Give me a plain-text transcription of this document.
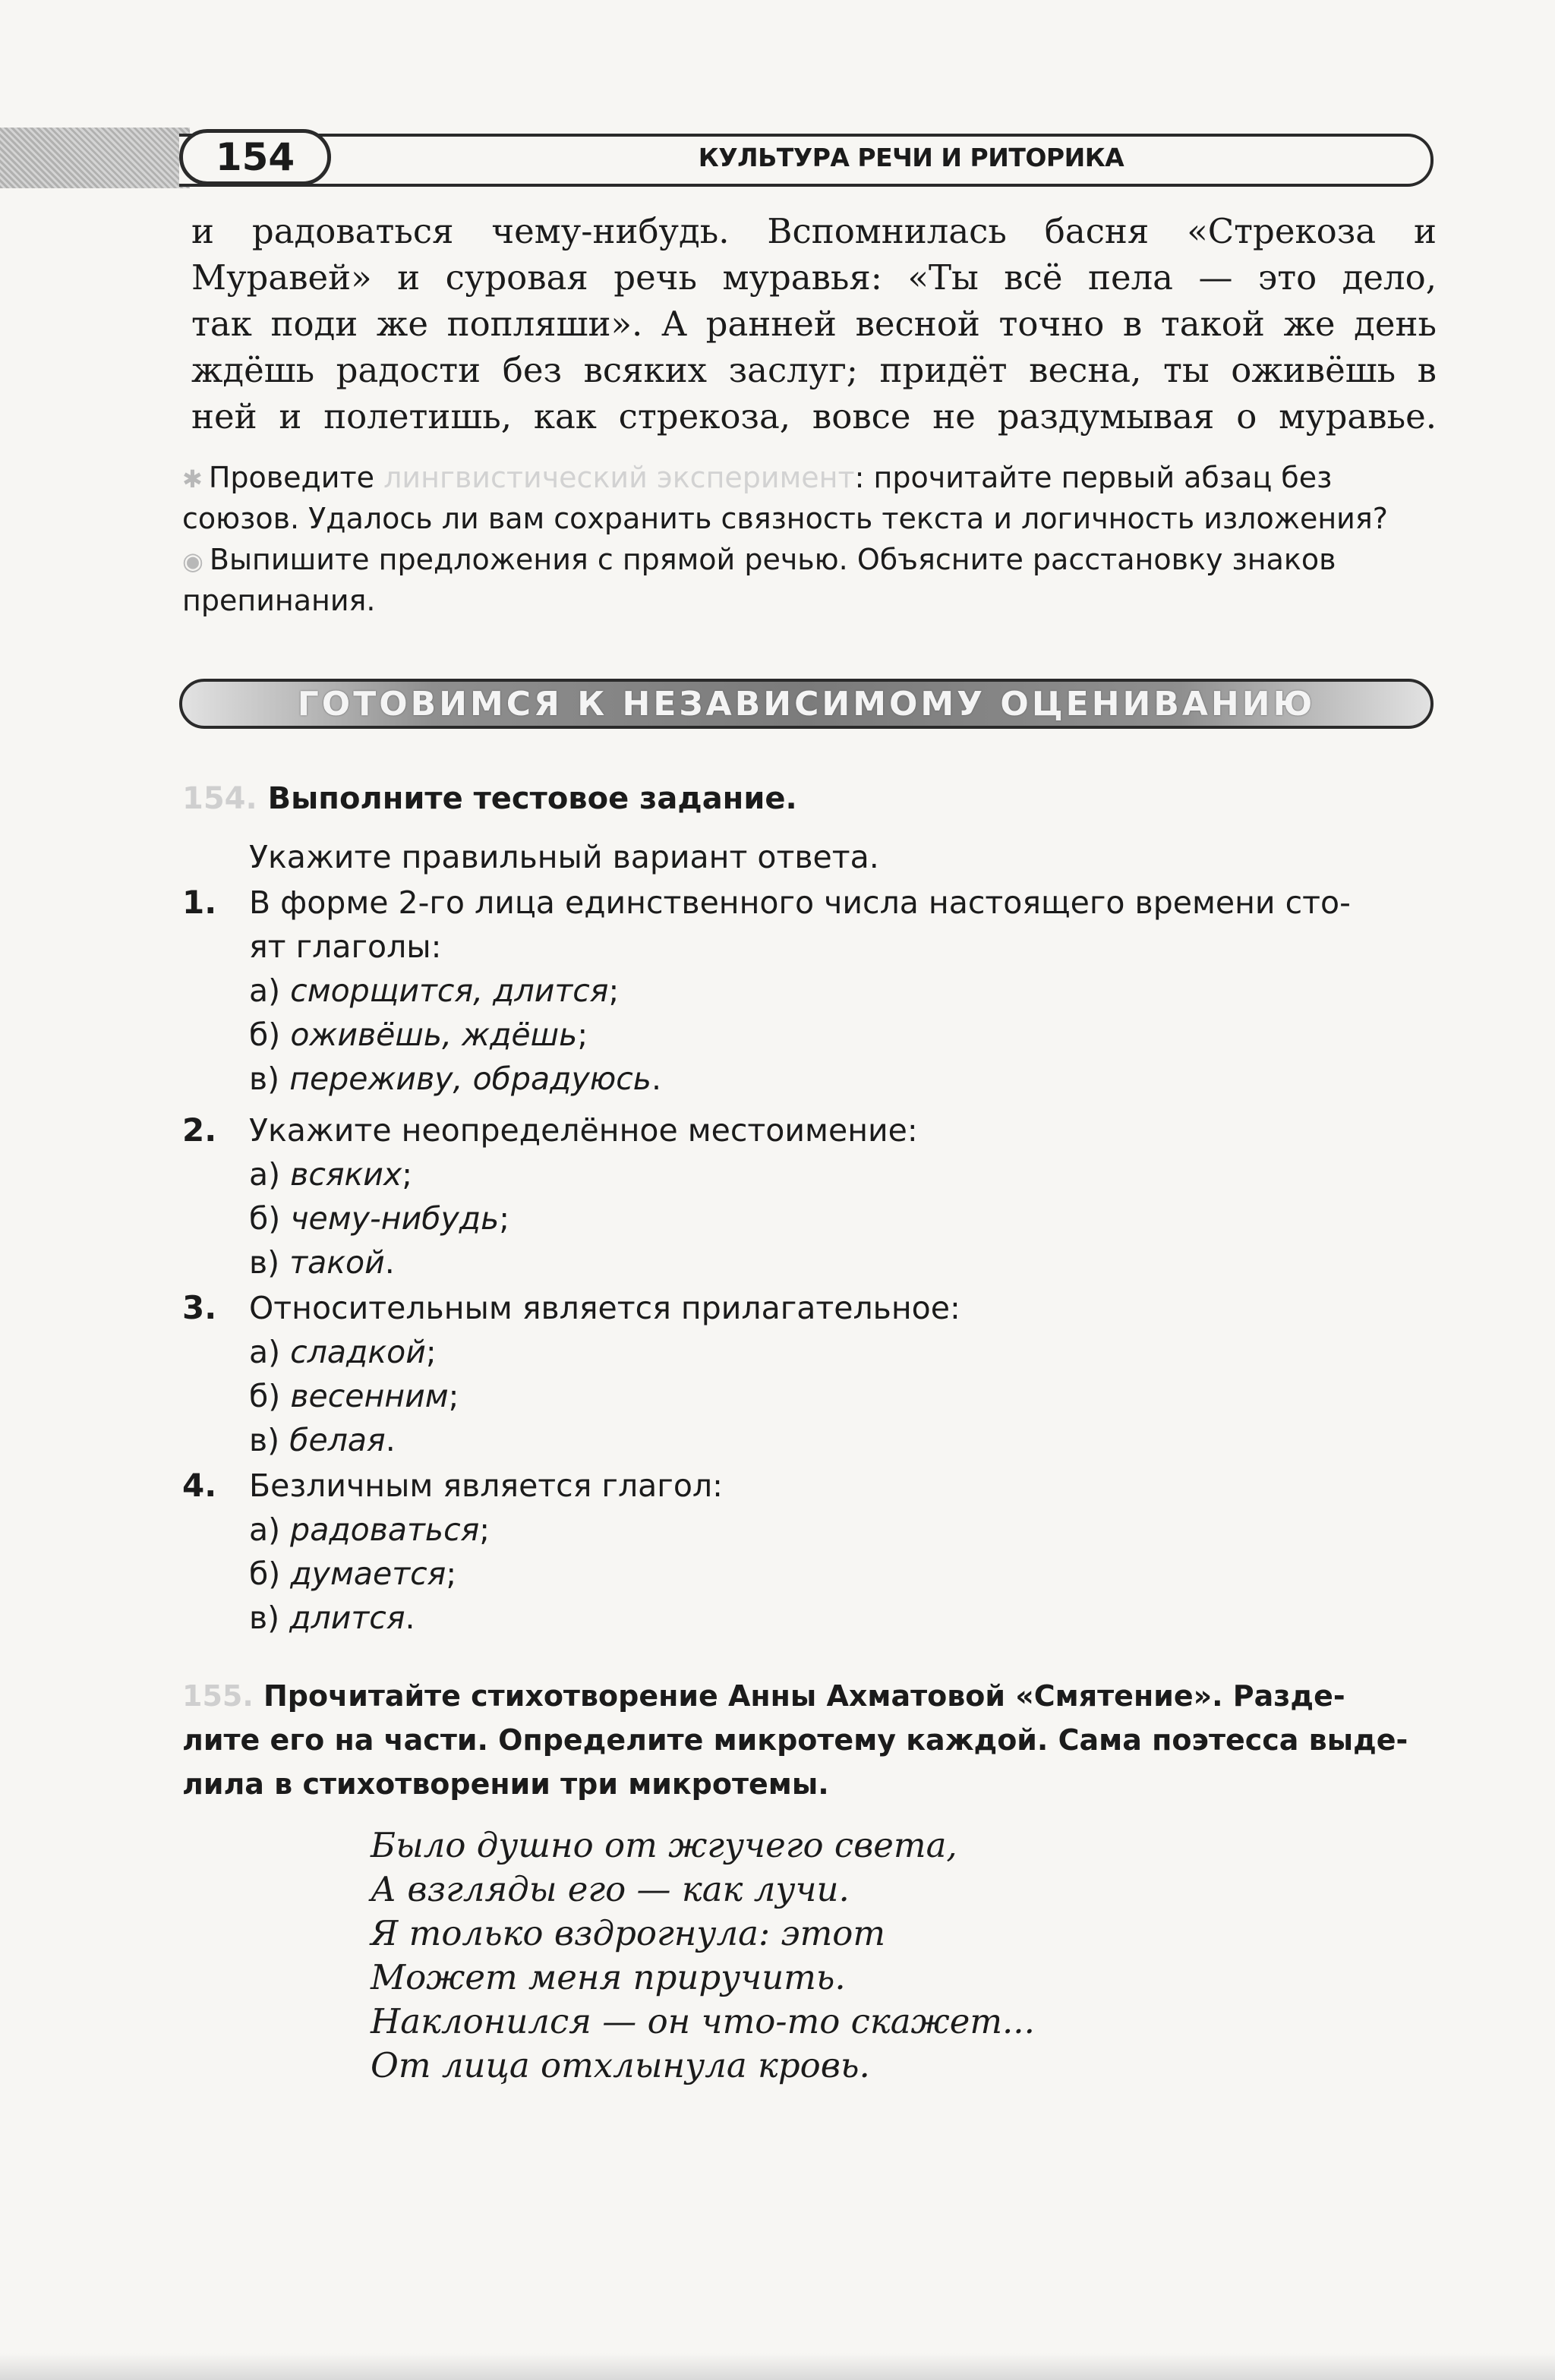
154	КУЛЬТУРА РЕЧИ И РИТОРИКА
и радоваться чему-нибудь. Вспомнилась басня «Стрекоза и
Муравей» и суровая речь муравья: «Ты всё пела — это дело,
так поди же попляши». А ранней весной точно в такой же день
ждёшь радости без всяких заслуг; придёт весна, ты оживёшь в
ней и полетишь, как стрекоза, вовсе не раздумывая о муравье.
✱ Проведите лингвистический эксперимент: прочитайте первый абзац без
союзов. Удалось ли вам сохранить связность текста и логичность изложения?
◉ Выпишите предложения с прямой речью. Объясните расстановку знаков
препинания.
ГОТОВИМСЯ К НЕЗАВИСИМОМУ ОЦЕНИВАНИЮ
154. Выполните тестовое задание.
Укажите правильный вариант ответа.
1. В форме 2-го лица единственного числа настоящего времени сто-
ят глаголы:
а) сморщится, длится;
б) оживёшь, ждёшь;
в) переживу, обрадуюсь.
2. Укажите неопределённое местоимение:
а) всяких;
б) чему-нибудь;
в) такой.
3. Относительным является прилагательное:
а) сладкой;
б) весенним;
в) белая.
4. Безличным является глагол:
а) радоваться;
б) думается;
в) длится.
155. Прочитайте стихотворение Анны Ахматовой «Смятение». Разде-
лите его на части. Определите микротему каждой. Сама поэтесса выде-
лила в стихотворении три микротемы.
Было душно от жгучего света,
А взгляды его — как лучи.
Я только вздрогнула: этот
Может меня приручить.
Наклонился — он что-то скажет...
От лица отхлынула кровь.
